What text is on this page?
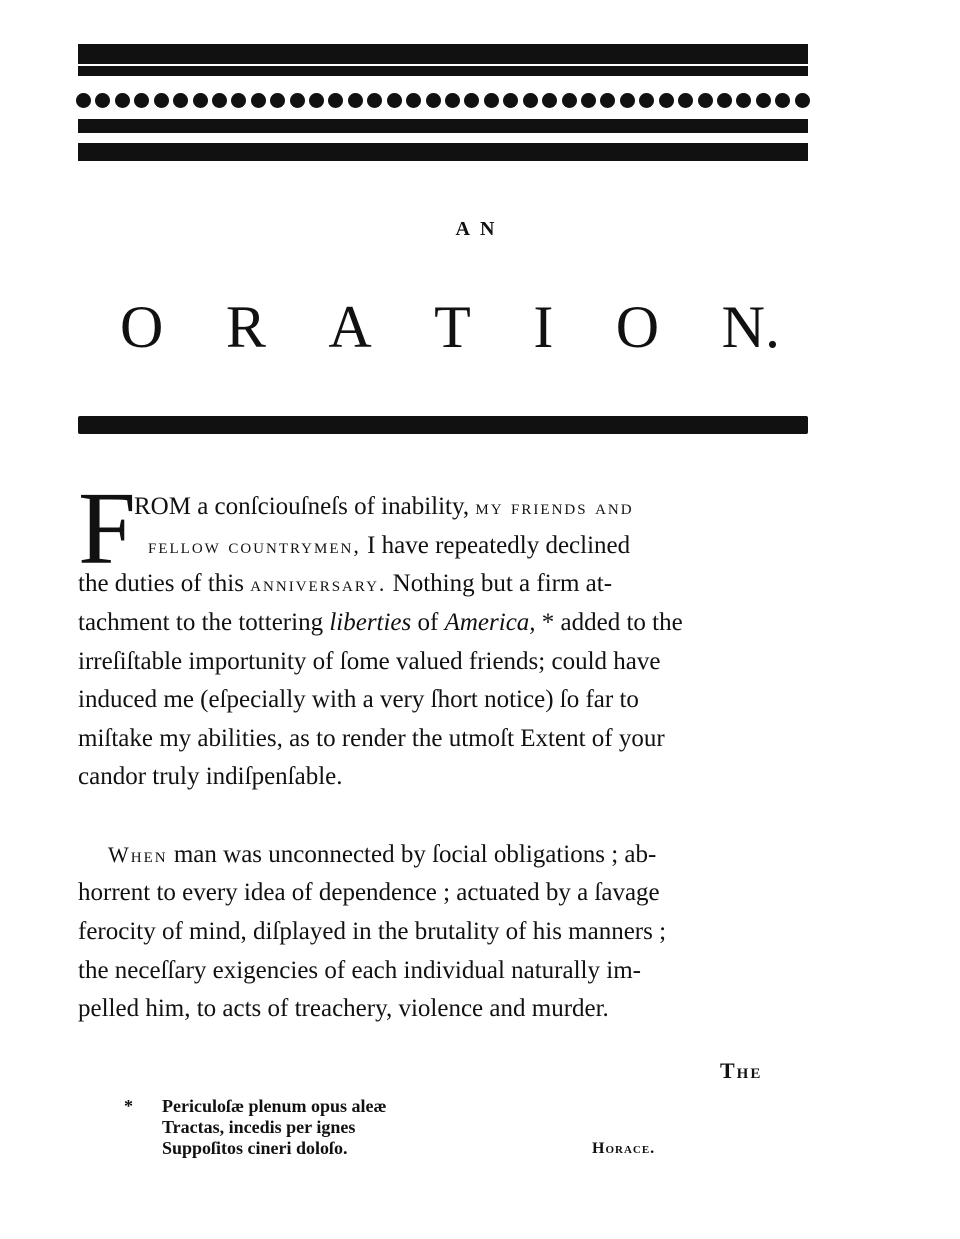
AN
O R A T I O N.
F
ROM a conſciouſneſs of inability, my friends and
fellow countrymen, I have repeatedly declined
the duties of this anniversary. Nothing but a firm at-
tachment to the tottering liberties of America, * added to the
irreſiſtable importunity of ſome valued friends; could have
induced me (eſpecially with a very ſhort notice) ſo far to
miſtake my abilities, as to render the utmoſt Extent of your
candor truly indiſpenſable.
When man was unconnected by ſocial obligations ; ab-
horrent to every idea of dependence ; actuated by a ſavage
ferocity of mind, diſplayed in the brutality of his manners ;
the neceſſary exigencies of each individual naturally im-
pelled him, to acts of treachery, violence and murder.
The
* Periculoſæ plenum opus aleæ
Tractas, incedis per ignes
Suppoſitos cineri doloſo.	Horace.
